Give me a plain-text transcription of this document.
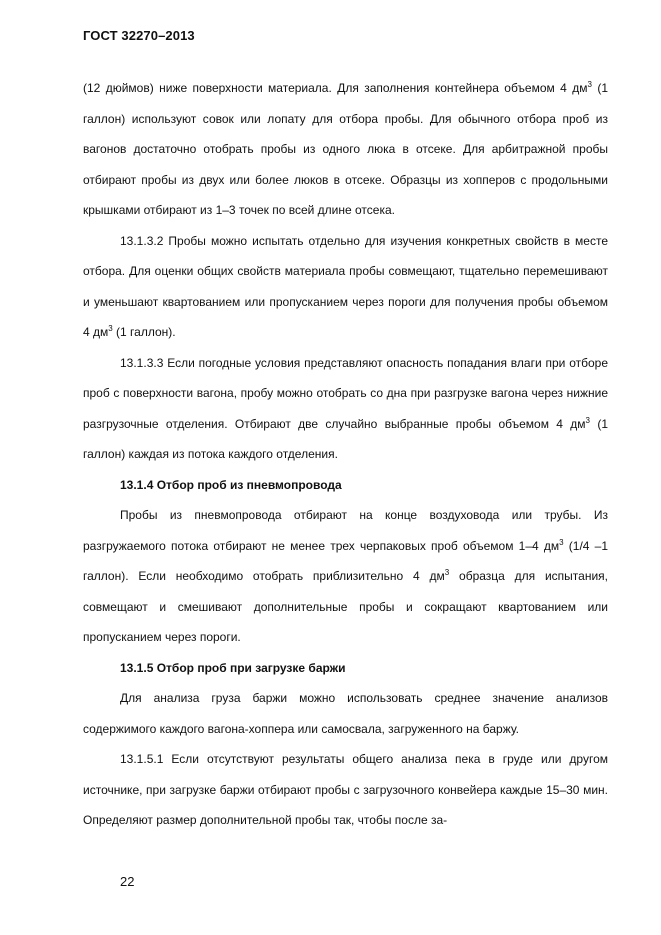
ГОСТ 32270–2013

(12 дюймов) ниже поверхности материала. Для заполнения контейнера объемом 4 $дм^3$ (1 галлон) используют совок или лопату для отбора пробы. Для обычного отбора проб из вагонов достаточно отобрать пробы из одного люка в отсеке. Для арбитражной пробы отбирают пробы из двух или более люков в отсеке. Образцы из хопперов с продольными крышками отбирают из 1–3 точек по всей длине отсека.

13.1.3.2 Пробы можно испытать отдельно для изучения конкретных свойств в месте отбора. Для оценки общих свойств материала пробы совмещают, тщательно перемешивают и уменьшают квартованием или пропусканием через пороги для получения пробы объемом 4 $дм^3$ (1 галлон).

13.1.3.3 Если погодные условия представляют опасность попадания влаги при отборе проб с поверхности вагона, пробу можно отобрать со дна при разгрузке вагона через нижние разгрузочные отделения. Отбирают две случайно выбранные пробы объемом 4 $дм^3$ (1 галлон) каждая из потока каждого отделения.

13.1.4 Отбор проб из пневмопровода

Пробы из пневмопровода отбирают на конце воздуховода или трубы. Из разгружаемого потока отбирают не менее трех черпаковых проб объемом 1–4 $дм^3$ (1/4 –1 галлон). Если необходимо отобрать приблизительно 4 $дм^3$ образца для испытания, совмещают и смешивают дополнительные пробы и сокращают квартованием или пропусканием через пороги.

13.1.5 Отбор проб при загрузке баржи

Для анализа груза баржи можно использовать среднее значение анализов содержимого каждого вагона-хоппера или самосвала, загруженного на баржу.

13.1.5.1 Если отсутствуют результаты общего анализа пека в груде или другом источнике, при загрузке баржи отбирают пробы с загрузочного конвейера каждые 15–30 мин. Определяют размер дополнительной пробы так, чтобы после за-

22
